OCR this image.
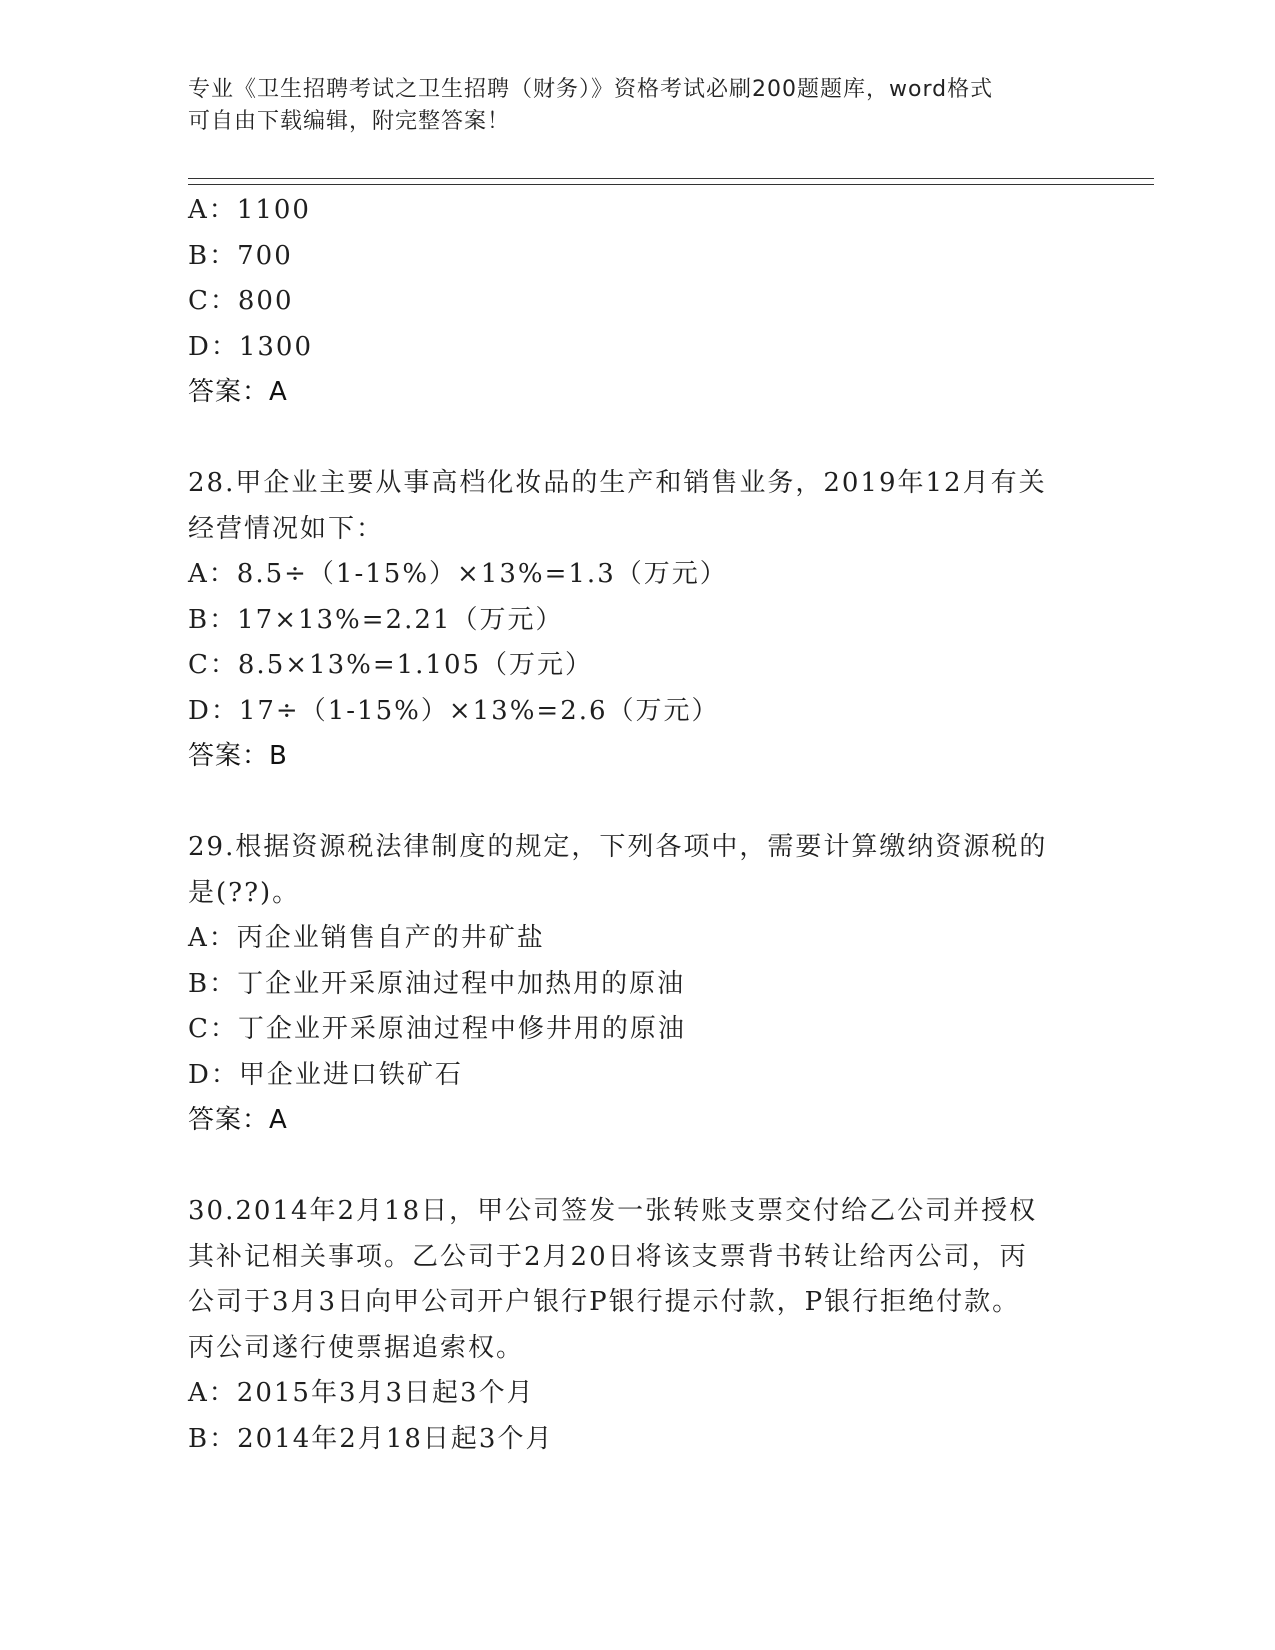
专业《卫生招聘考试之卫生招聘（财务）》资格考试必刷200题题库，word格式
可自由下载编辑，附完整答案！
A：1100
B：700
C：800
D：1300
答案：A
28.甲企业主要从事高档化妆品的生产和销售业务，2019年12月有关
经营情况如下：
A：8.5÷（1-15%）×13%=1.3（万元）
B：17×13%=2.21（万元）
C：8.5×13%=1.105（万元）
D：17÷（1-15%）×13%=2.6（万元）
答案：B
29.根据资源税法律制度的规定，下列各项中，需要计算缴纳资源税的
是(??)。
A：丙企业销售自产的井矿盐
B：丁企业开采原油过程中加热用的原油
C：丁企业开采原油过程中修井用的原油
D：甲企业进口铁矿石
答案：A
30.2014年2月18日，甲公司签发一张转账支票交付给乙公司并授权
其补记相关事项。乙公司于2月20日将该支票背书转让给丙公司，丙
公司于3月3日向甲公司开户银行P银行提示付款，P银行拒绝付款。
丙公司遂行使票据追索权。
A：2015年3月3日起3个月
B：2014年2月18日起3个月
